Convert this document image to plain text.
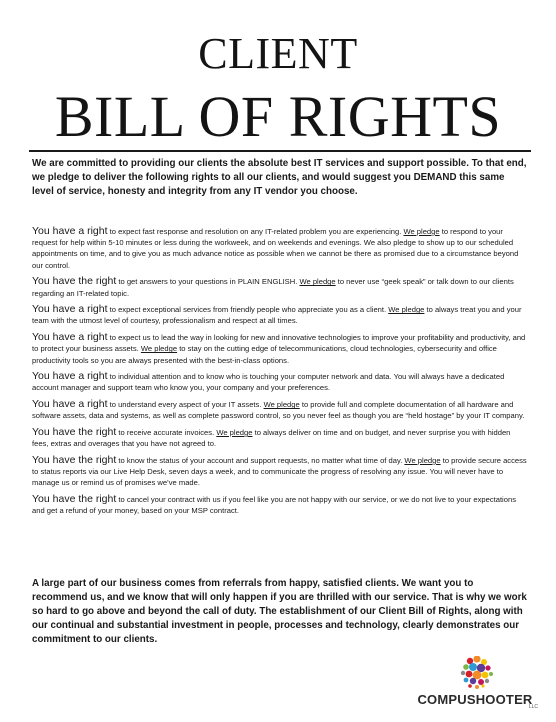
CLIENT
BILL OF RIGHTS

We are committed to providing our clients the absolute best IT services and support possible. To that end, we pledge to deliver the following rights to all our clients, and would suggest you DEMAND this same level of service, honesty and integrity from any IT vendor you choose.

You have a right to expect fast response and resolution on any IT-related problem you are experiencing. We pledge to respond to your request for help within 5-10 minutes or less during the workweek, and on weekends and evenings. We also pledge to show up to our scheduled appointments on time, and to give you as much advance notice as possible when we cannot be there as promised due to a circumstance beyond our control.
You have the right to get answers to your questions in PLAIN ENGLISH. We pledge to never use “geek speak” or talk down to our clients regarding an IT-related topic.
You have a right to expect exceptional services from friendly people who appreciate you as a client. We pledge to always treat you and your team with the utmost level of courtesy, professionalism and respect at all times.
You have a right to expect us to lead the way in looking for new and innovative technologies to improve your profitability and productivity, and to protect your business assets. We pledge to stay on the cutting edge of telecommunications, cloud technologies, cybersecurity and office productivity tools so you are always presented with the best-in-class options.
You have a right to individual attention and to know who is touching your computer network and data. You will always have a dedicated account manager and support team who know you, your company and your preferences.
You have a right to understand every aspect of your IT assets. We pledge to provide full and complete documentation of all hardware and software assets, data and systems, as well as complete password control, so you never feel as though you are “held hostage” by your IT company.
You have the right to receive accurate invoices. We pledge to always deliver on time and on budget, and never surprise you with hidden fees, extras and overages that you have not agreed to.
You have the right to know the status of your account and support requests, no matter what time of day. We pledge to provide secure access to status reports via our Live Help Desk, seven days a week, and to communicate the progress of resolving any issue. You will never have to manage us or remind us of promises we’ve made.
You have the right to cancel your contract with us if you feel like you are not happy with our service, or we do not live to your expectations and get a refund of your money, based on your MSP contract.

A large part of our business comes from referrals from happy, satisfied clients. We want you to recommend us, and we know that will only happen if you are thrilled with our service. That is why we work so hard to go above and beyond the call of duty. The establishment of our Client Bill of Rights, along with our continual and substantial investment in people, processes and technology, clearly demonstrates our commitment to our clients.

COMPUSHOOTER
LLC
